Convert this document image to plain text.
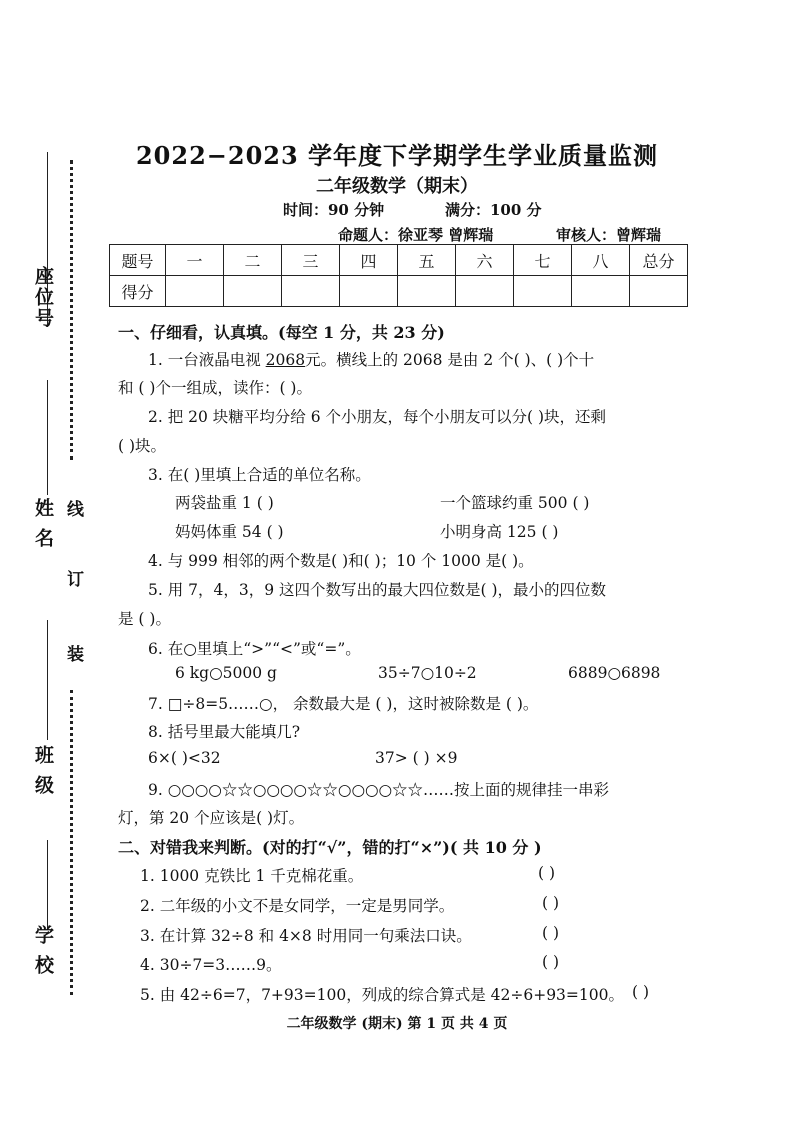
座位号
姓 名
班 级
学 校
线
订
装
2022−2023 学年度下学期学生学业质量监测
二年级数学（期末）
时间：90 分钟	满分：100 分
命题人：徐亚琴 曾辉瑞	审核人：曾辉瑞
题号	一	二	三	四	五	六	七	八	总分
得分									
一、仔细看，认真填。(每空 1 分，共 23 分)
1. 一台液晶电视 2068元。横线上的 2068 是由 2 个( )、( )个十
和 ( )个一组成，读作：( )。
2. 把 20 块糖平均分给 6 个小朋友，每个小朋友可以分( )块，还剩
( )块。
3. 在( )里填上合适的单位名称。
两袋盐重 1 ( )	一个篮球约重 500 ( )
妈妈体重 54 ( )	小明身高 125 ( )
4. 与 999 相邻的两个数是( )和( )；10 个 1000 是( )。
5. 用 7，4，3，9 这四个数写出的最大四位数是( )，最小的四位数
是 ( )。
6. 在○里填上“>”“<”或“=”。
6 kg○5000 g	35÷7○10÷2	6889○6898
7. □÷8=5……○， 余数最大是 ( )，这时被除数是 ( )。
8. 括号里最大能填几?
6×( )<32	37> ( ) ×9
9. ○○○○☆☆○○○○☆☆○○○○☆☆……按上面的规律挂一串彩
灯，第 20 个应该是( )灯。
二、对错我来判断。(对的打“√”，错的打“×”)( 共 10 分 )
1. 1000 克铁比 1 千克棉花重。	( )
2. 二年级的小文不是女同学，一定是男同学。	( )
3. 在计算 32÷8 和 4×8 时用同一句乘法口诀。	( )
4. 30÷7=3……9。	( )
5. 由 42÷6=7，7+93=100，列成的综合算式是 42÷6+93=100。 ( )
二年级数学 (期末) 第 1 页 共 4 页
